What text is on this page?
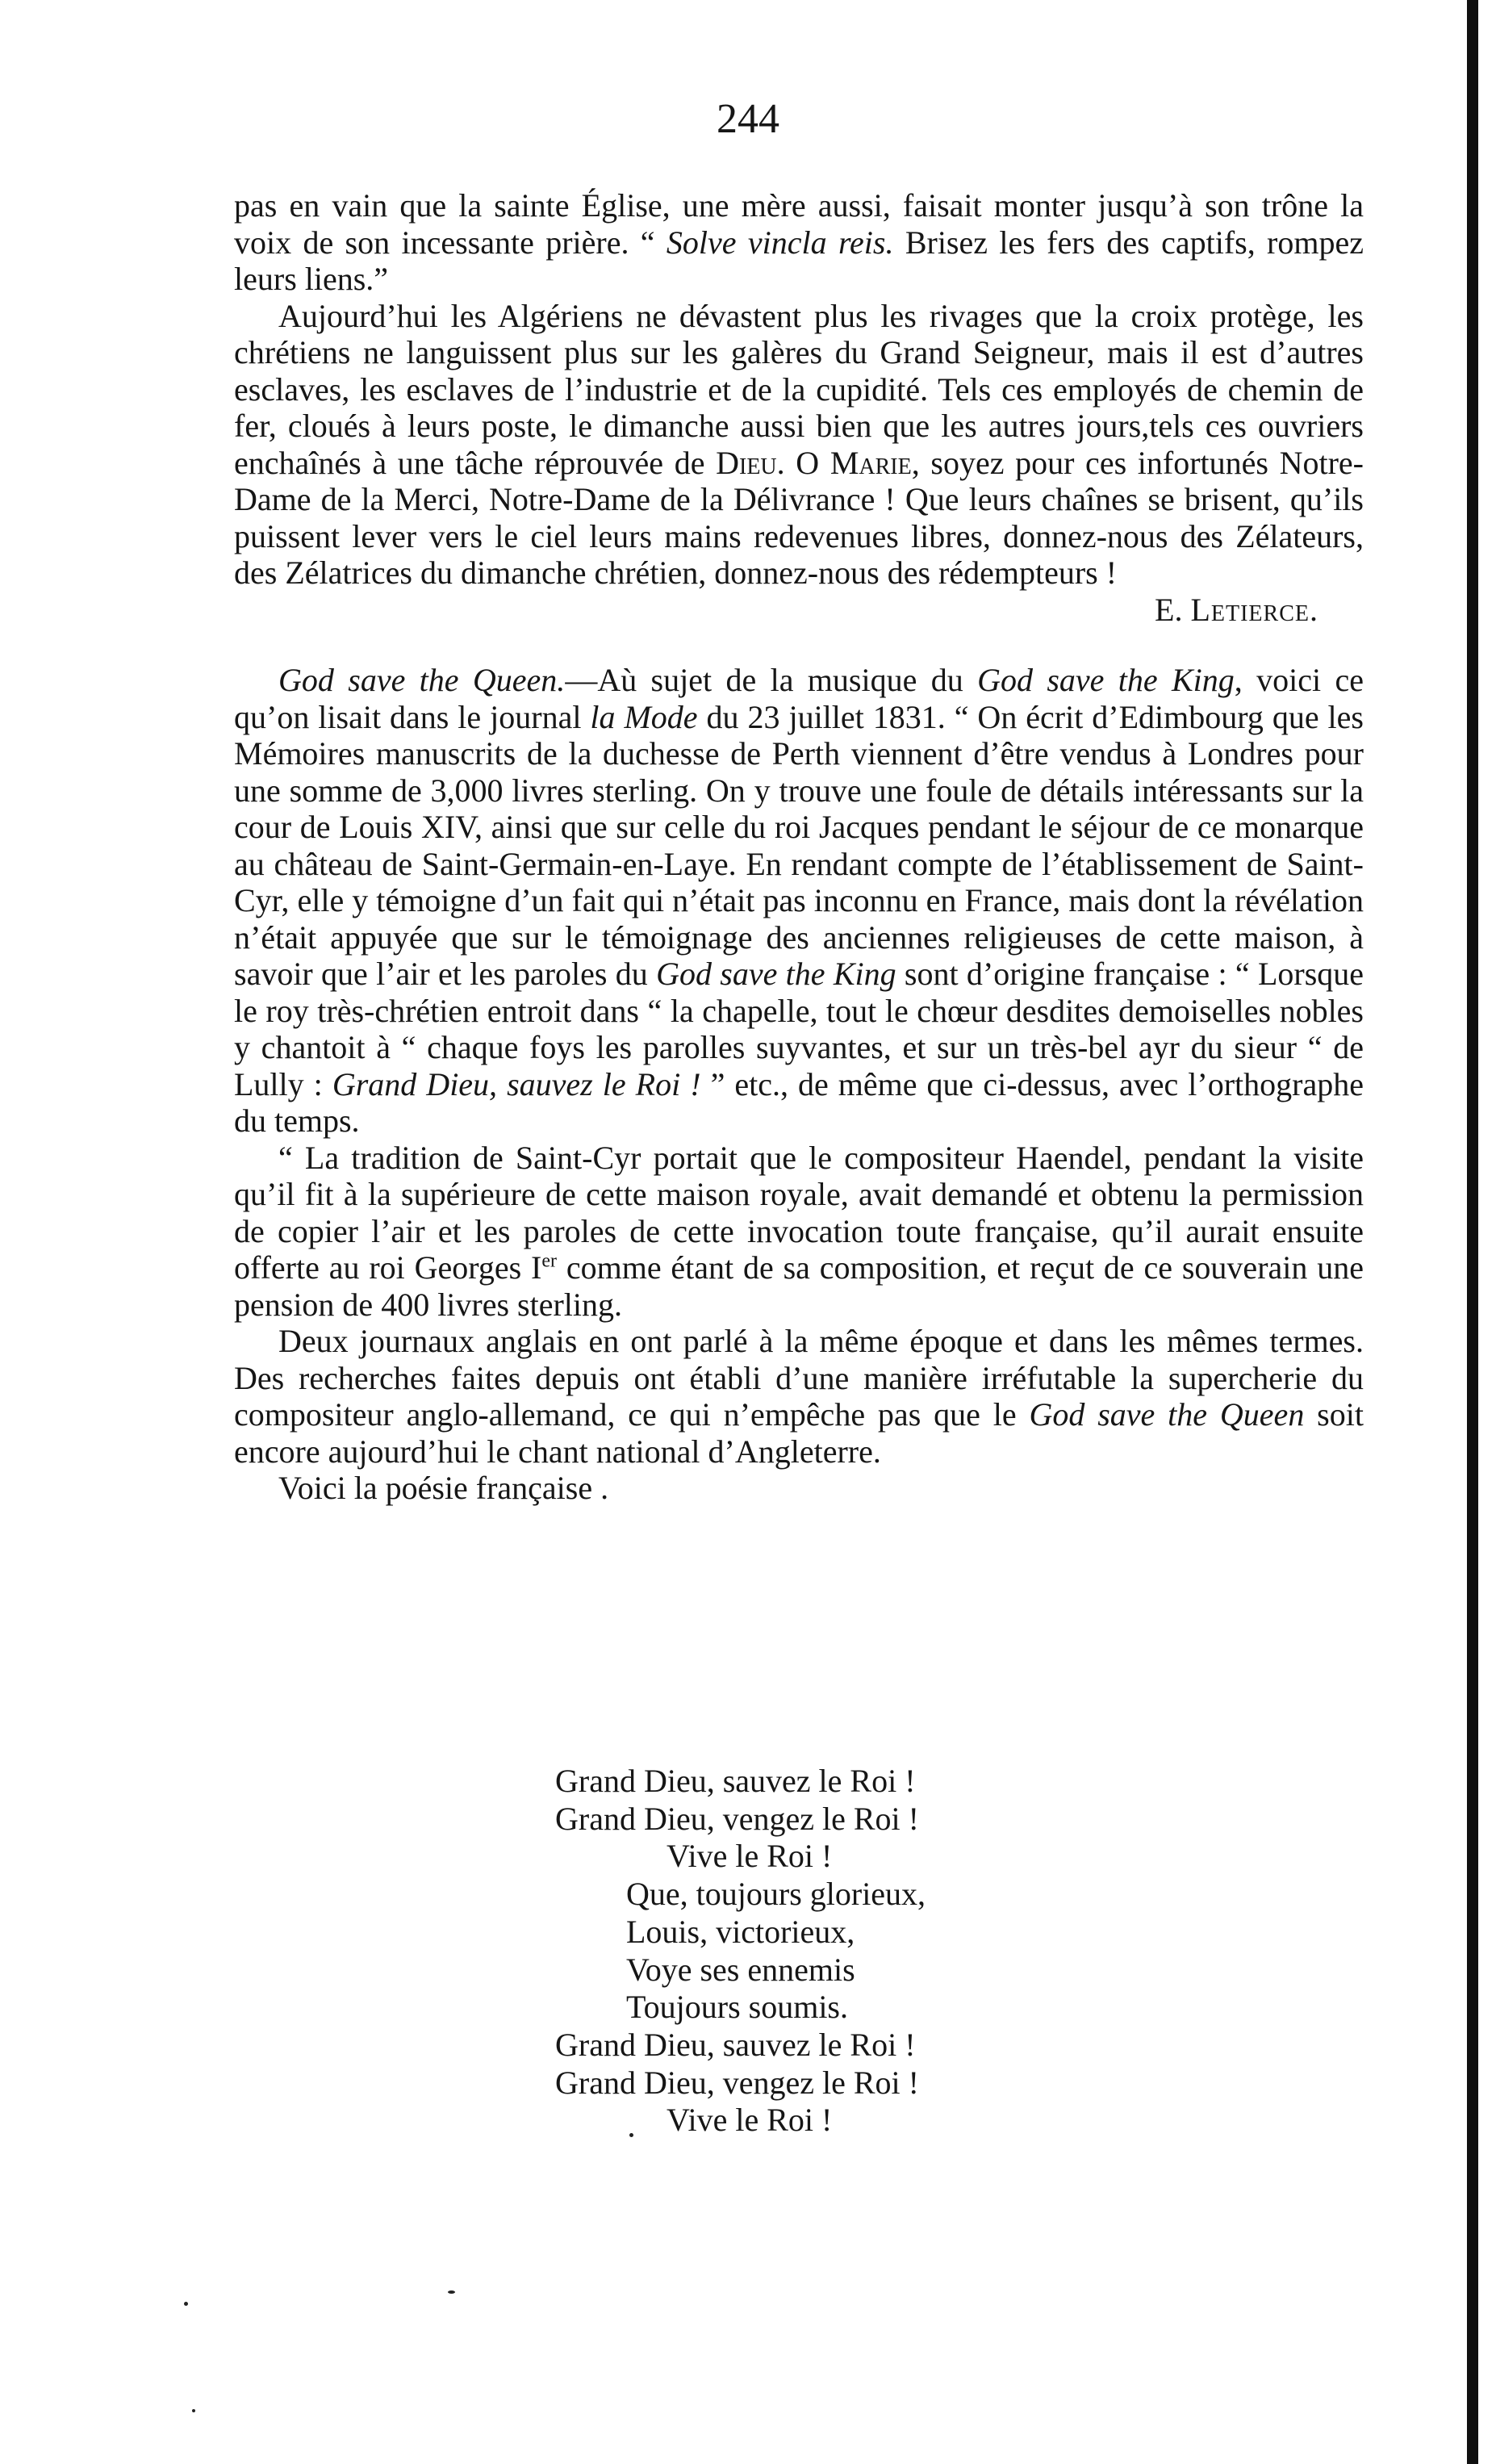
244

pas en vain que la sainte Église, une mère aussi, faisait monter jusqu’à son trône la voix de son incessante prière. “ Solve vincla reis. Brisez les fers des captifs, rompez leurs liens.”

Aujourd’hui les Algériens ne dévastent plus les rivages que la croix protège, les chrétiens ne languissent plus sur les galères du Grand Seigneur, mais il est d’autres esclaves, les esclaves de l’industrie et de la cupidité. Tels ces employés de chemin de fer, cloués à leurs poste, le dimanche aussi bien que les autres jours,tels ces ouvriers enchaînés à une tâche réprouvée de Dieu. O Marie, soyez pour ces infortunés Notre-Dame de la Merci, Notre-Dame de la Délivrance ! Que leurs chaînes se brisent, qu’ils puissent lever vers le ciel leurs mains redevenues libres, donnez-nous des Zélateurs, des Zélatrices du dimanche chrétien, donnez-nous des rédempteurs !

E. Letierce.

God save the Queen.—Aù sujet de la musique du God save the King, voici ce qu’on lisait dans le journal la Mode du 23 juillet 1831. “ On écrit d’Edimbourg que les Mémoires manuscrits de la duchesse de Perth viennent d’être vendus à Londres pour une somme de 3,000 livres sterling. On y trouve une foule de détails intéressants sur la cour de Louis XIV, ainsi que sur celle du roi Jacques pendant le séjour de ce monarque au château de Saint-Germain-en-Laye. En rendant compte de l’établissement de Saint-Cyr, elle y témoigne d’un fait qui n’était pas inconnu en France, mais dont la révélation n’était appuyée que sur le témoignage des anciennes religieuses de cette maison, à savoir que l’air et les paroles du God save the King sont d’origine française : “ Lorsque le roy très-chrétien entroit dans “ la chapelle, tout le chœur desdites demoiselles nobles y chantoit à “ chaque foys les parolles suyvantes, et sur un très-bel ayr du sieur “ de Lully : Grand Dieu, sauvez le Roi ! ” etc., de même que ci-dessus, avec l’orthographe du temps.

“ La tradition de Saint-Cyr portait que le compositeur Haendel, pendant la visite qu’il fit à la supérieure de cette maison royale, avait demandé et obtenu la permission de copier l’air et les paroles de cette invocation toute française, qu’il aurait ensuite offerte au roi Georges Ier comme étant de sa composition, et reçut de ce souverain une pension de 400 livres sterling.

Deux journaux anglais en ont parlé à la même époque et dans les mêmes termes. Des recherches faites depuis ont établi d’une manière irréfutable la supercherie du compositeur anglo-allemand, ce qui n’empêche pas que le God save the Queen soit encore aujourd’hui le chant national d’Angleterre.

Voici la poésie française .

Grand Dieu, sauvez le Roi !
Grand Dieu, vengez le Roi !
Vive le Roi !
Que, toujours glorieux,
Louis, victorieux,
Voye ses ennemis
Toujours soumis.
Grand Dieu, sauvez le Roi !
Grand Dieu, vengez le Roi !
Vive le Roi !
